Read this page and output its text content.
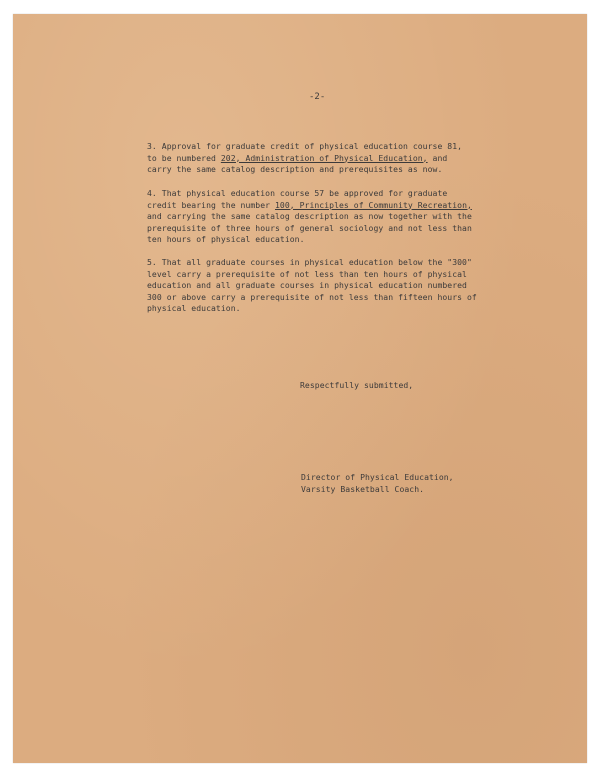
-2-

3. Approval for graduate credit of physical education course 81,

to be numbered 202, Administration of Physical Education, and

carry the same catalog description and prerequisites as now.

4. That physical education course 57 be approved for graduate

credit bearing the number 100, Principles of Community Recreation,

and carrying the same catalog description as now together with the

prerequisite of three hours of general sociology and not less than

ten hours of physical education.

5. That all graduate courses in physical education below the "300"

level carry a prerequisite of not less than ten hours of physical

education and all graduate courses in physical education numbered

300 or above carry a prerequisite of not less than fifteen hours of

physical education.

Respectfully submitted,

Director of Physical Education,

Varsity Basketball Coach.
